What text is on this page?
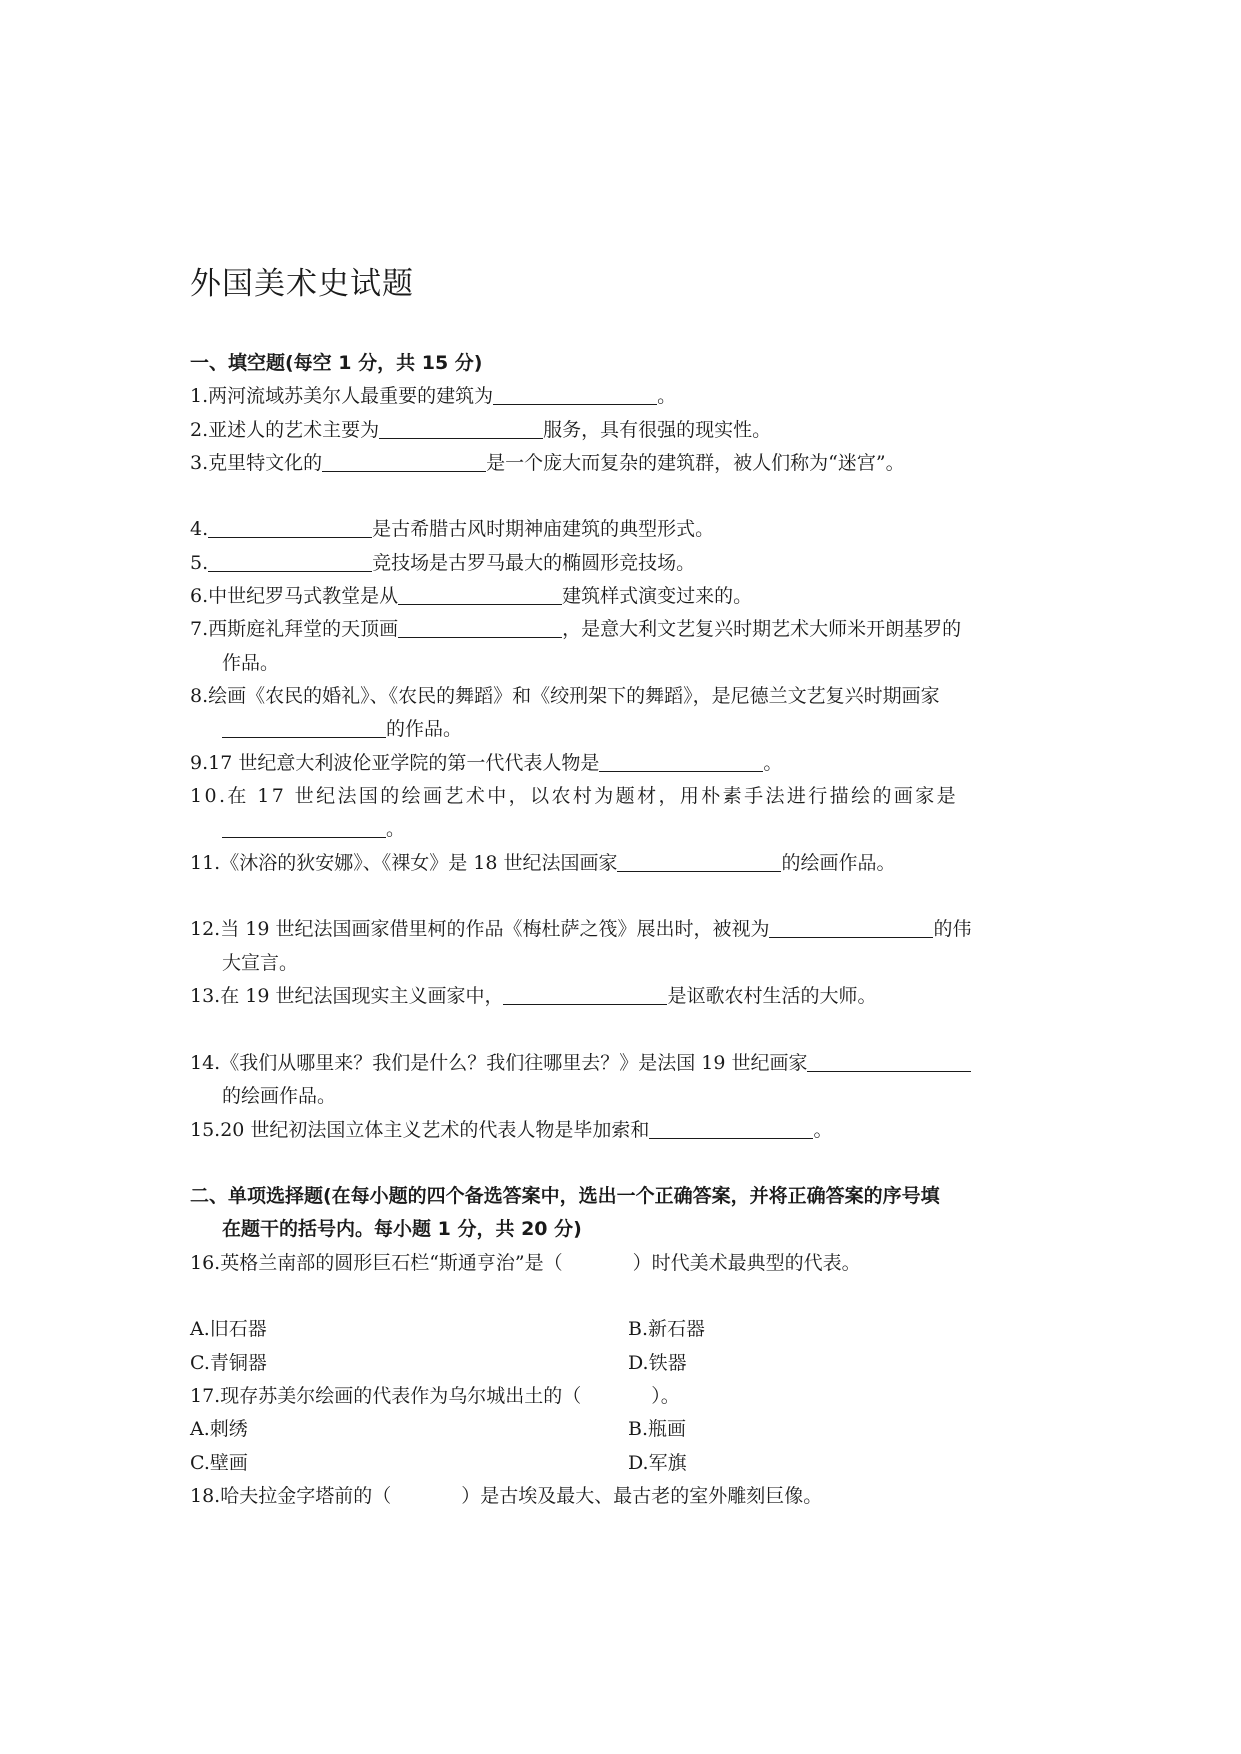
外国美术史试题
一、填空题(每空 1 分，共 15 分)
1.两河流域苏美尔人最重要的建筑为	。
2.亚述人的艺术主要为	服务，具有很强的现实性。
3.克里特文化的	是一个庞大而复杂的建筑群，被人们称为“迷宫”。
4.	是古希腊古风时期神庙建筑的典型形式。
5.	竞技场是古罗马最大的椭圆形竞技场。
6.中世纪罗马式教堂是从	建筑样式演变过来的。
7.西斯庭礼拜堂的天顶画	，是意大利文艺复兴时期艺术大师米开朗基罗的
作品。
8.绘画《农民的婚礼》、《农民的舞蹈》和《绞刑架下的舞蹈》，是尼德兰文艺复兴时期画家
的作品。
9.17 世纪意大利波伦亚学院的第一代代表人物是	。
10.在 17 世纪法国的绘画艺术中，以农村为题材，用朴素手法进行描绘的画家是
。
11.《沐浴的狄安娜》、《裸女》是 18 世纪法国画家	的绘画作品。
12.当 19 世纪法国画家借里柯的作品《梅杜萨之筏》展出时，被视为	的伟
大宣言。
13.在 19 世纪法国现实主义画家中，	是讴歌农村生活的大师。
14.《我们从哪里来？我们是什么？我们往哪里去？》是法国 19 世纪画家
的绘画作品。
15.20 世纪初法国立体主义艺术的代表人物是毕加索和	。
二、单项选择题(在每小题的四个备选答案中，选出一个正确答案，并将正确答案的序号填
在题干的括号内。每小题 1 分，共 20 分)
16.英格兰南部的圆形巨石栏“斯通亨治”是（	）时代美术最典型的代表。
A.旧石器	B.新石器
C.青铜器	D.铁器
17.现存苏美尔绘画的代表作为乌尔城出土的（	）。
A.刺绣	B.瓶画
C.壁画	D.军旗
18.哈夫拉金字塔前的（	）是古埃及最大、最古老的室外雕刻巨像。
